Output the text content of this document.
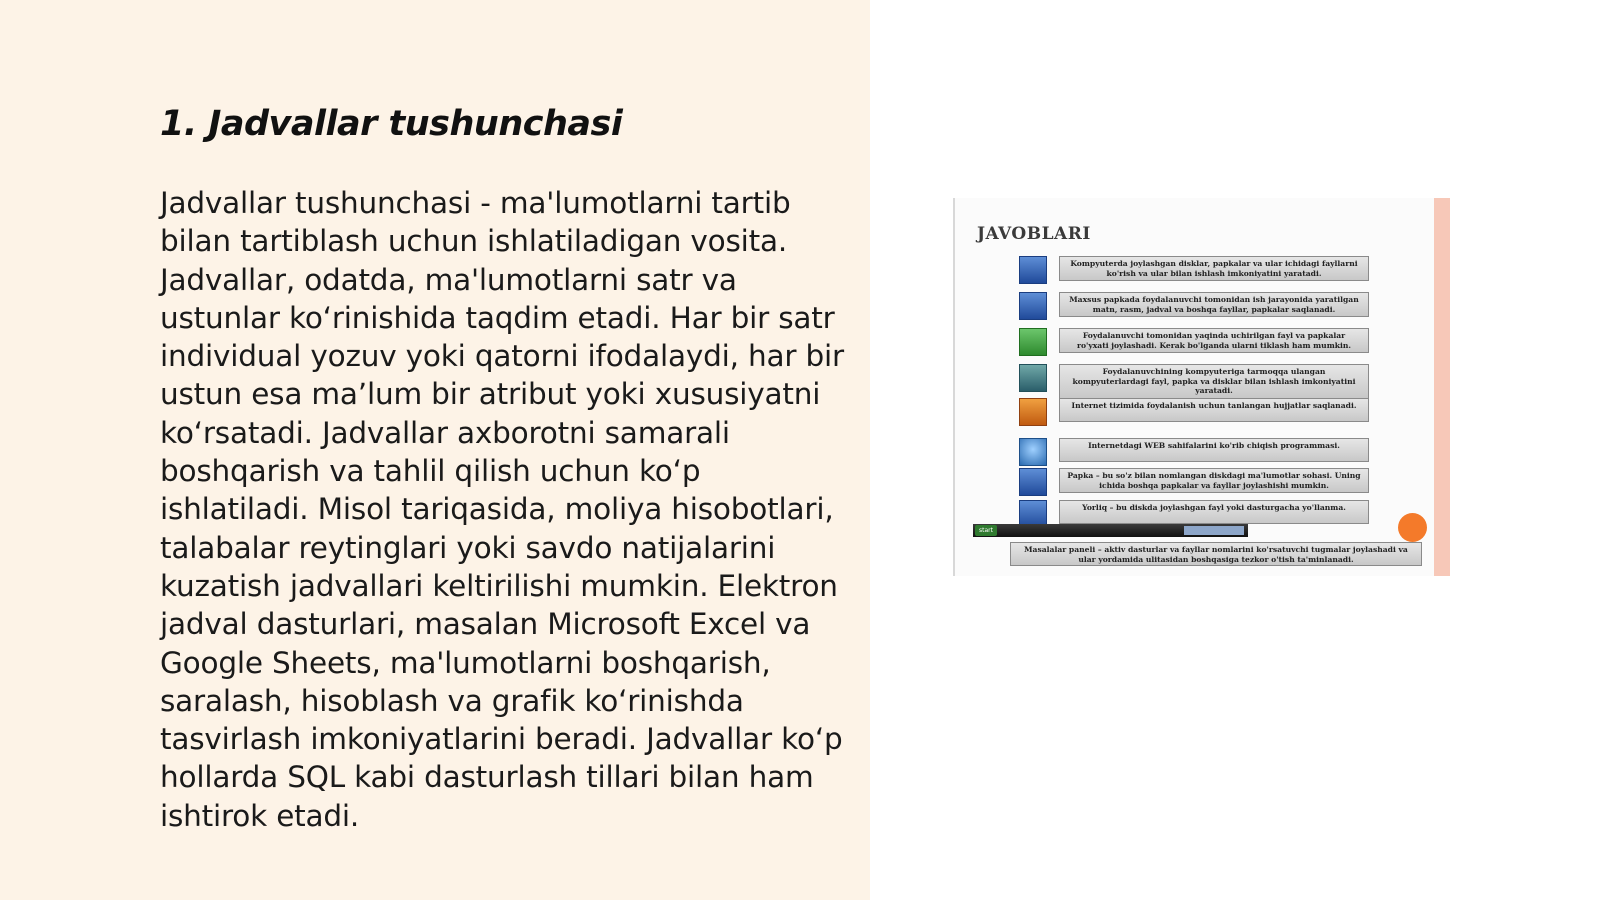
1. Jadvallar tushunchasi

Jadvallar tushunchasi - ma'lumotlarni tartib bilan tartiblash uchun ishlatiladigan vosita. Jadvallar, odatda, ma'lumotlarni satr va ustunlar koʻrinishida taqdim etadi. Har bir satr individual yozuv yoki qatorni ifodalaydi, har bir ustun esa maʼlum bir atribut yoki xususiyatni koʻrsatadi. Jadvallar axborotni samarali boshqarish va tahlil qilish uchun koʻp ishlatiladi. Misol tariqasida, moliya hisobotlari, talabalar reytinglari yoki savdo natijalarini kuzatish jadvallari keltirilishi mumkin. Elektron jadval dasturlari, masalan Microsoft Excel va Google Sheets, ma'lumotlarni boshqarish, saralash, hisoblash va grafik koʻrinishda tasvirlash imkoniyatlarini beradi. Jadvallar koʻp hollarda SQL kabi dasturlash tillari bilan ham ishtirok etadi.

JAVOBLARI
Kompyuterda joylashgan disklar, papkalar va ular ichidagi fayllarni ko'rish va ular bilan ishlash imkoniyatini yaratadi.
Maxsus papkada foydalanuvchi tomonidan ish jarayonida yaratilgan matn, rasm, jadval va boshqa fayllar, papkalar saqlanadi.
Foydalanuvchi tomonidan yaqinda uchirilgan fayl va papkalar ro'yxati joylashadi. Kerak bo'lganda ularni tiklash ham mumkin.
Foydalanuvchining kompyuteriga tarmoqqa ulangan kompyuterlardagi fayl, papka va disklar bilan ishlash imkoniyatini yaratadi.
Internet tizimida foydalanish uchun tanlangan hujjatlar saqlanadi.
Internetdagi WEB sahifalarini ko'rib chiqish programmasi.
Papka – bu so'z bilan nomlangan diskdagi ma'lumotlar sohasi. Uning ichida boshqa papkalar va fayllar joylashishi mumkin.
Yorliq – bu diskda joylashgan fayl yoki dasturgacha yo'llanma.
start
Masalalar paneli – aktiv dasturlar va fayllar nomlarini ko'rsatuvchi tugmalar joylashadi va ular yordamida ulitasidan boshqasiga tezkor o'tish ta'minlanadi.
